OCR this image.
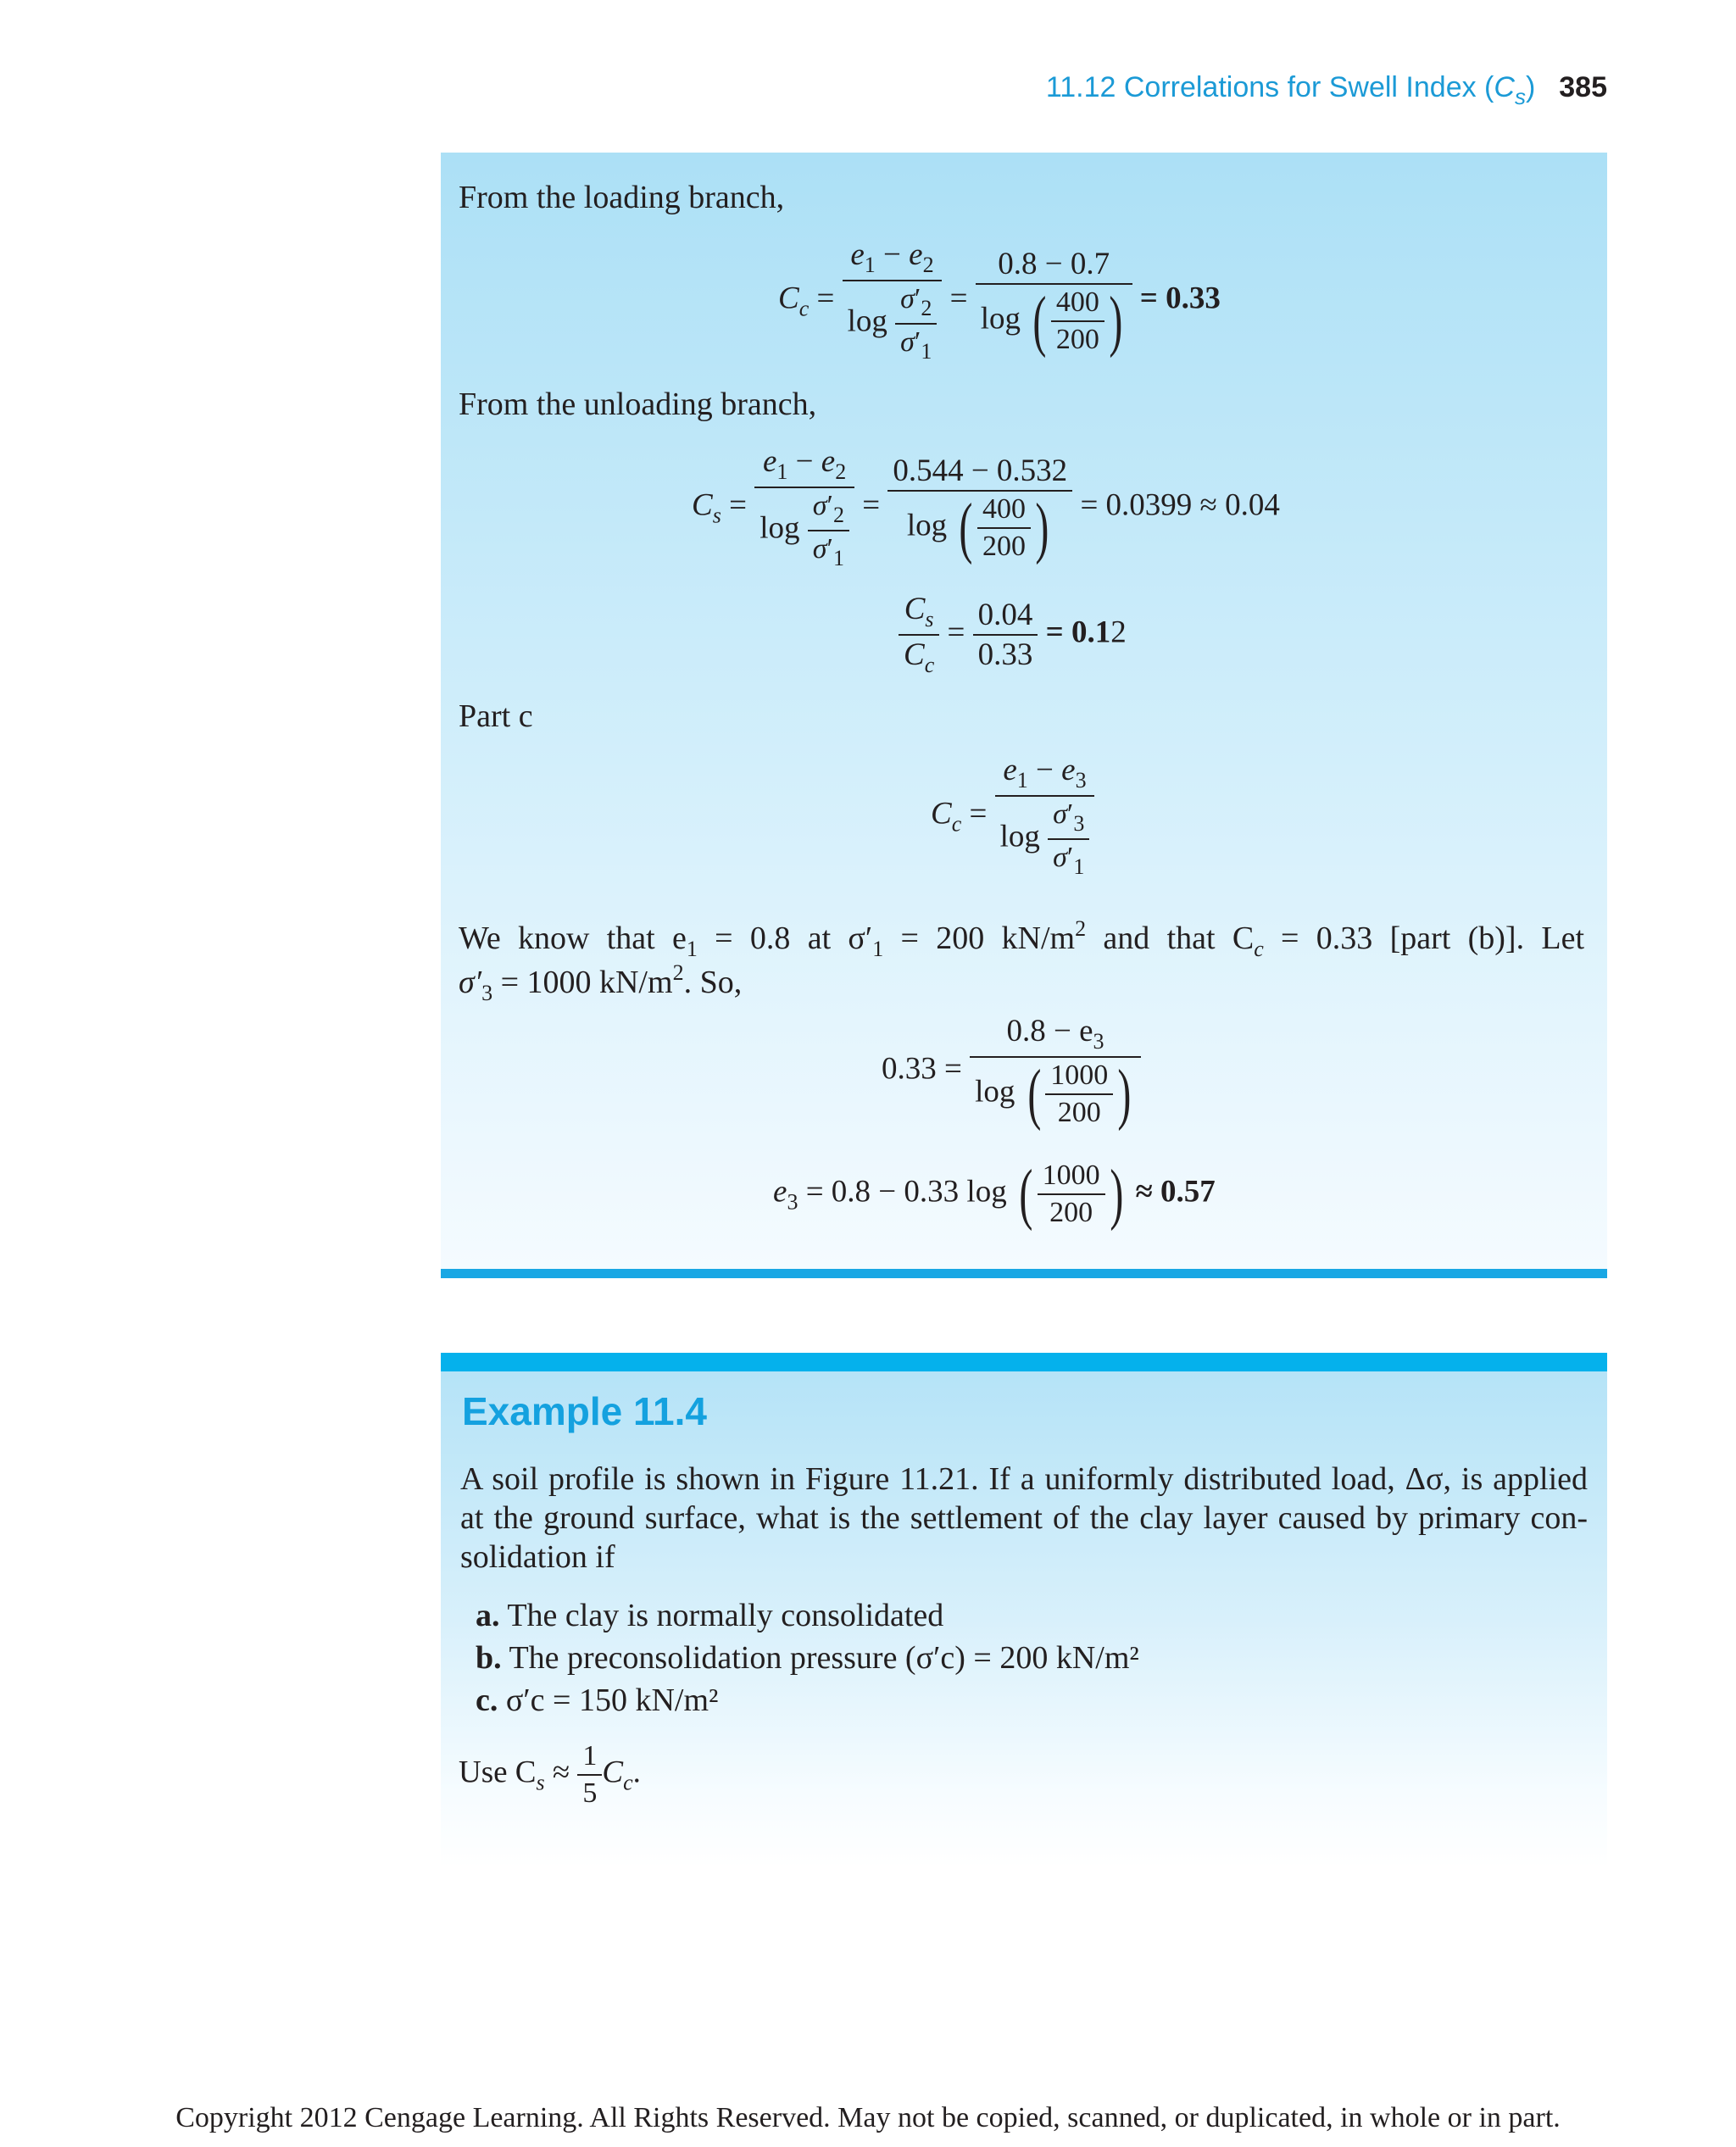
11.12 Correlations for Swell Index $(C_s)$ 385
From the loading branch,
$C_c = \frac{e_1 - e_2}{\log \frac{\sigma'_2}{\sigma'_1}} = \frac{0.8 - 0.7}{\log ( \frac{400}{200} )} = 0.33$
From the unloading branch,
$C_s = \frac{e_1 - e_2}{\log \frac{\sigma'_2}{\sigma'_1}} = \frac{0.544 - 0.532}{\log ( \frac{400}{200} )} = 0.0399 \approx 0.04$
$\frac{C_s}{C_c} = \frac{0.04}{0.33} = 0.12$
Part c
$C_c = \frac{e_1 - e_3}{\log \frac{\sigma'_3}{\sigma'_1}}$
We know that $e_1 = 0.8$ at $\sigma'_1 = 200$ $kN/m^2$ and that $C_c = 0.33$ [part (b)]. Let
$\sigma'_3 = 1000$ $kN/m^2$. So,
$0.33 = \frac{0.8 - e_3}{\log ( \frac{1000}{200} )}$
$e_3 = 0.8 - 0.33$ log ( $\frac{1000}{200}$ ) ≈ 0.57
Example 11.4
A soil profile is shown in Figure 11.21. If a uniformly distributed load, Δσ, is applied at the ground surface, what is the settlement of the clay layer caused by primary con-solidation if
a. The clay is normally consolidated
b. The preconsolidation pressure (σ′c) = 200 kN/m²
c. σ′c = 150 kN/m²
Use $C_s \approx \frac{1}{5} C_c$.
Copyright 2012 Cengage Learning. All Rights Reserved. May not be copied, scanned, or duplicated, in whole or in part.
